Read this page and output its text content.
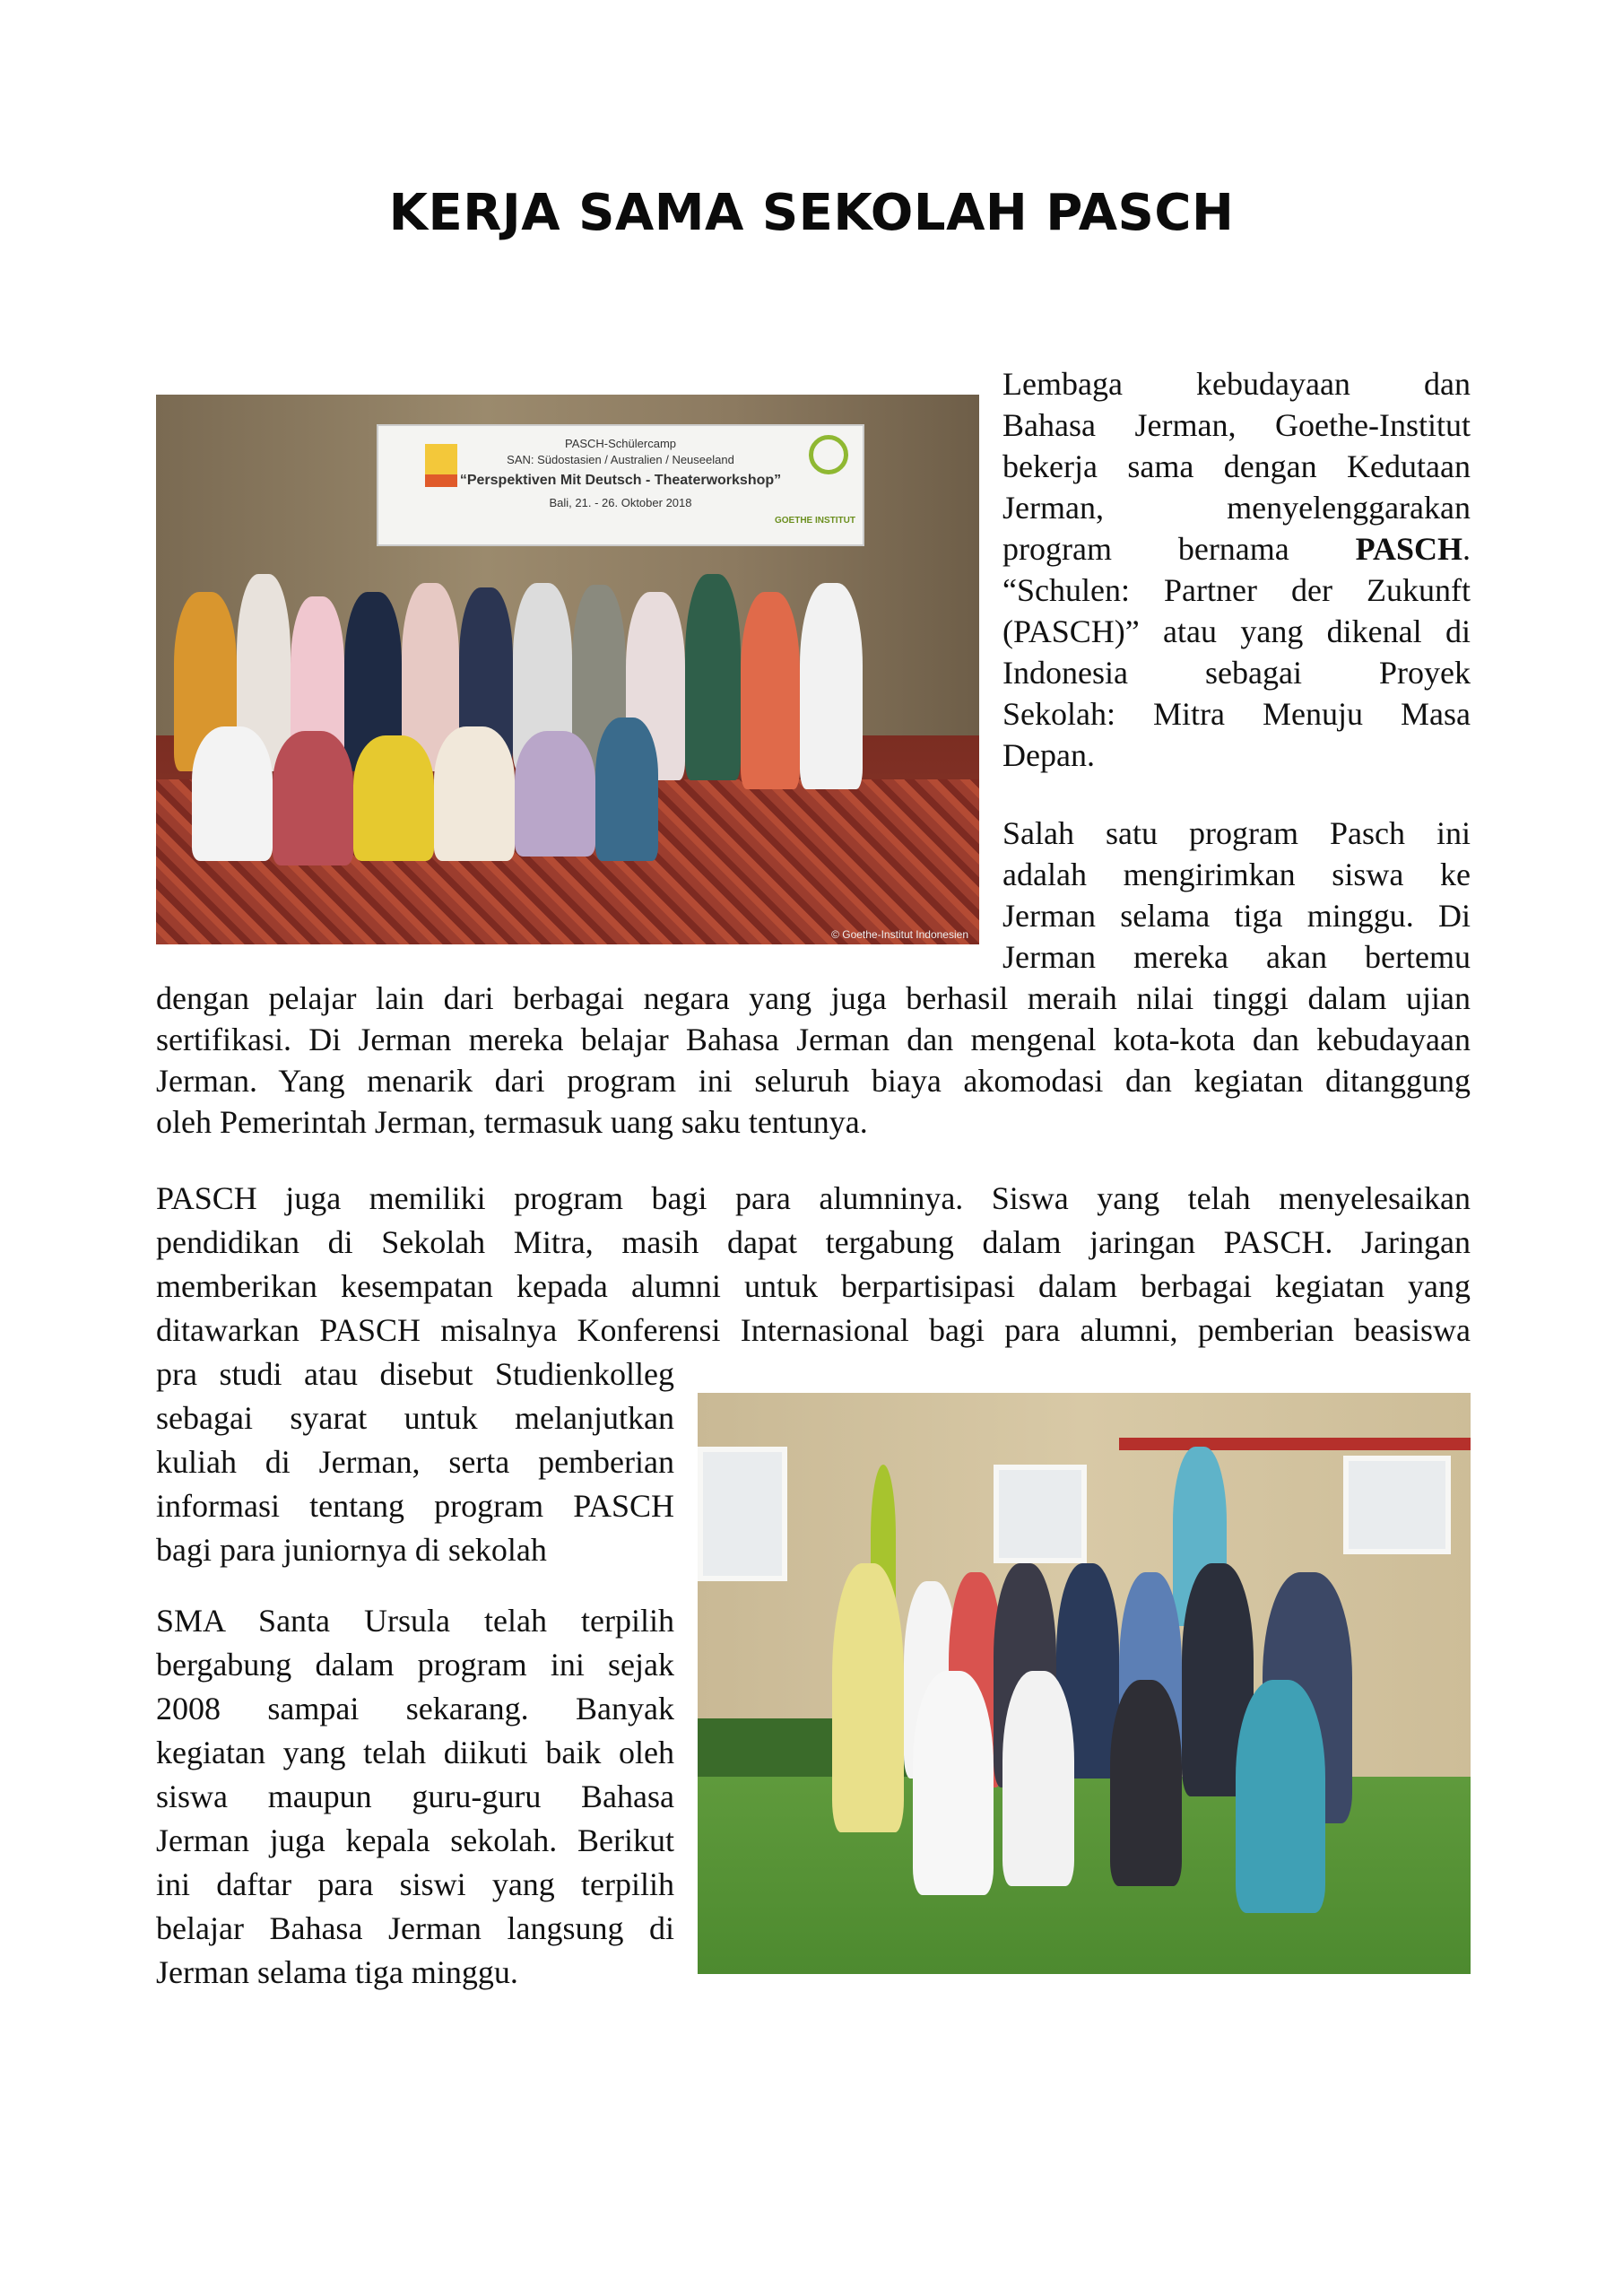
KERJA SAMA SEKOLAH PASCH
Lembaga kebudayaan dan
Bahasa Jerman, Goethe-Institut
bekerja sama dengan Kedutaan
Jerman, menyelenggarakan
program bernama PASCH.
“Schulen: Partner der Zukunft
(PASCH)” atau yang dikenal di
Indonesia sebagai Proyek
Sekolah: Mitra Menuju Masa
Depan.
Salah satu program Pasch ini
adalah mengirimkan siswa ke
Jerman selama tiga minggu. Di
Jerman mereka akan bertemu
dengan pelajar lain dari berbagai negara yang juga berhasil meraih nilai tinggi dalam ujian
sertifikasi. Di Jerman mereka belajar Bahasa Jerman dan mengenal kota-kota dan kebudayaan
Jerman. Yang menarik dari program ini seluruh biaya akomodasi dan kegiatan ditanggung
oleh Pemerintah Jerman, termasuk uang saku tentunya.
PASCH juga memiliki program bagi para alumninya. Siswa yang telah menyelesaikan
pendidikan di Sekolah Mitra, masih dapat tergabung dalam jaringan PASCH. Jaringan
memberikan kesempatan kepada alumni untuk berpartisipasi dalam berbagai kegiatan yang
ditawarkan PASCH misalnya Konferensi Internasional bagi para alumni, pemberian beasiswa
pra studi atau disebut Studienkolleg
sebagai syarat untuk melanjutkan
kuliah di Jerman, serta pemberian
informasi tentang program PASCH
bagi para juniornya di sekolah
SMA Santa Ursula telah terpilih
bergabung dalam program ini sejak
2008 sampai sekarang. Banyak
kegiatan yang telah diikuti baik oleh
siswa maupun guru-guru Bahasa
Jerman juga kepala sekolah. Berikut
ini daftar para siswi yang terpilih
belajar Bahasa Jerman langsung di
Jerman selama tiga minggu.
PASCH-Schülercamp
SAN: Südostasien / Australien / Neuseeland
“Perspektiven Mit Deutsch - Theaterworkshop”
Bali, 21. - 26. Oktober 2018
GOETHE INSTITUT
© Goethe-Institut Indonesien
